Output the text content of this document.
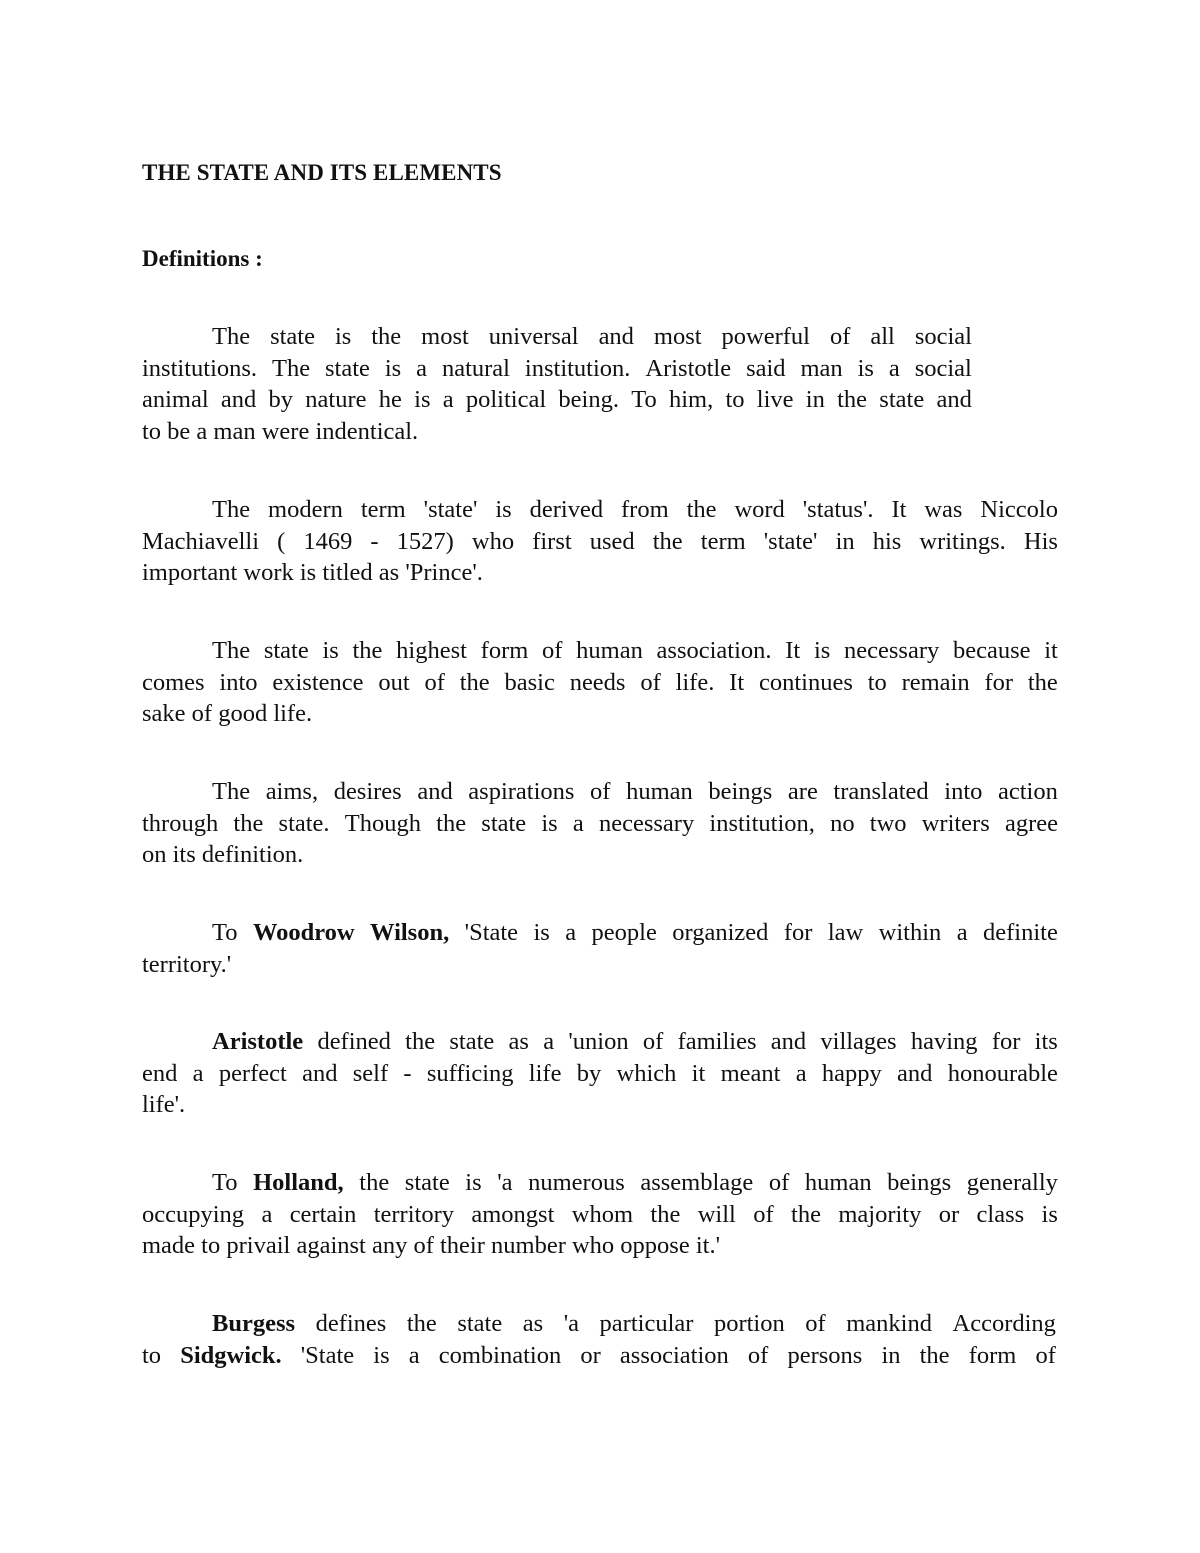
THE STATE AND ITS ELEMENTS
Definitions :
The state is the most universal and most powerful of all social
institutions. The state is a natural institution. Aristotle said man is a social
animal and by nature he is a political being. To him, to live in the state and
to be a man were indentical.
The modern term 'state' is derived from the word 'status'. It was Niccolo
Machiavelli ( 1469 - 1527) who first used the term 'state' in his writings. His
important work is titled as 'Prince'.
The state is the highest form of human association. It is necessary because it
comes into existence out of the basic needs of life. It continues to remain for the
sake of good life.
The aims, desires and aspirations of human beings are translated into action
through the state. Though the state is a necessary institution, no two writers agree
on its definition.
To Woodrow Wilson, 'State is a people organized for law within a definite
territory.'
Aristotle defined the state as a 'union of families and villages having for its
end a perfect and self - sufficing life by which it meant a happy and honourable
life'.
To Holland, the state is 'a numerous assemblage of human beings generally
occupying a certain territory amongst whom the will of the majority or class is
made to privail against any of their number who oppose it.'
Burgess defines the state as 'a particular portion of mankind According
to Sidgwick. 'State is a combination or association of persons in the form of
